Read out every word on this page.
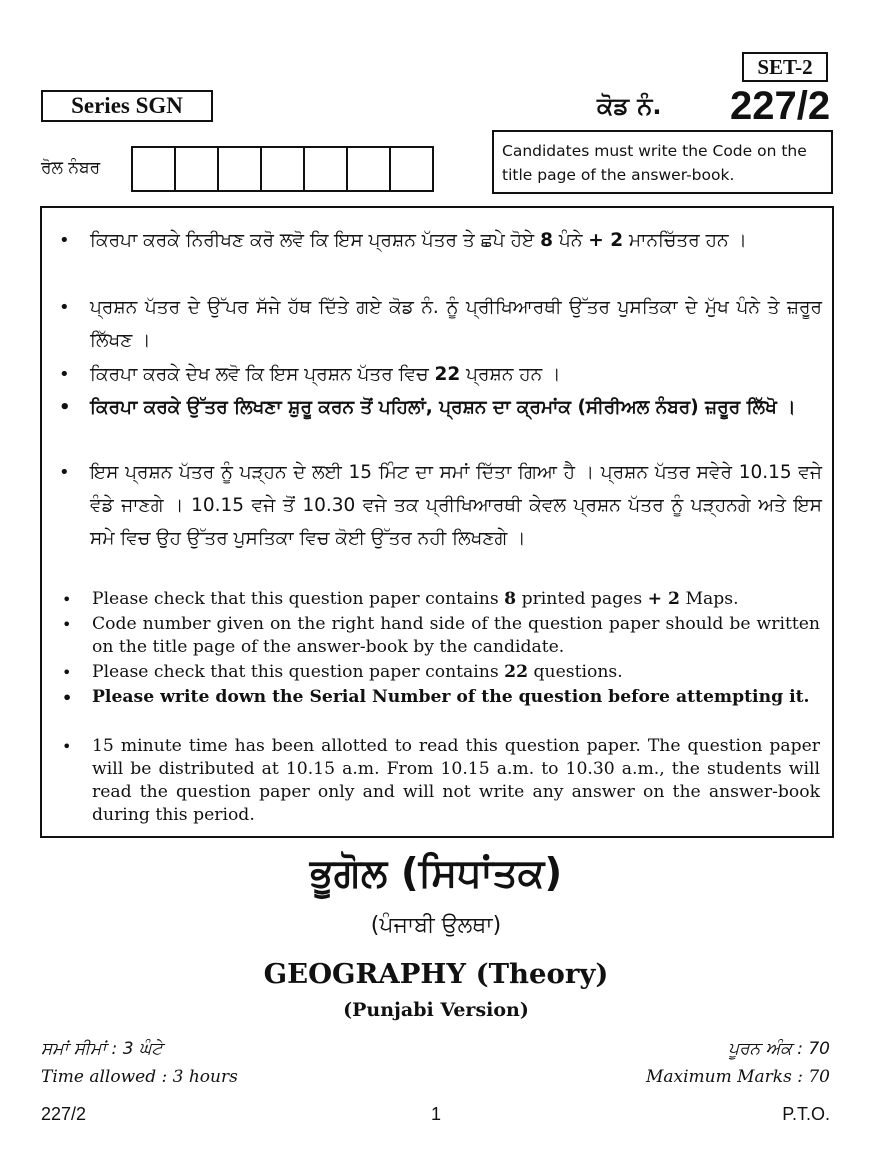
SET-2
Series SGN	ਕੋਡ ਨੰ. 227/2
ਰੋਲ ਨੰਬਰ
Candidates must write the Code on the title page of the answer-book.
• ਕਿਰਪਾ ਕਰਕੇ ਨਿਰੀਖਣ ਕਰੋ ਲਵੋ ਕਿ ਇਸ ਪ੍ਰਸ਼ਨ ਪੱਤਰ ਤੇ ਛਪੇ ਹੋਏ 8 ਪੰਨੇ + 2 ਮਾਨਚਿੱਤਰ ਹਨ ।
• ਪ੍ਰਸ਼ਨ ਪੱਤਰ ਦੇ ਉੱਪਰ ਸੱਜੇ ਹੱਥ ਦਿੱਤੇ ਗਏ ਕੋਡ ਨੰ. ਨੂੰ ਪ੍ਰੀਖਿਆਰਥੀ ਉੱਤਰ ਪੁਸਤਿਕਾ ਦੇ ਮੁੱਖ ਪੰਨੇ ਤੇ ਜ਼ਰੂਰ ਲਿੱਖਣ ।
• ਕਿਰਪਾ ਕਰਕੇ ਦੇਖ ਲਵੋ ਕਿ ਇਸ ਪ੍ਰਸ਼ਨ ਪੱਤਰ ਵਿਚ 22 ਪ੍ਰਸ਼ਨ ਹਨ ।
• ਕਿਰਪਾ ਕਰਕੇ ਉੱਤਰ ਲਿਖਣਾ ਸ਼ੁਰੂ ਕਰਨ ਤੋਂ ਪਹਿਲਾਂ, ਪ੍ਰਸ਼ਨ ਦਾ ਕ੍ਰਮਾਂਕ (ਸੀਰੀਅਲ ਨੰਬਰ) ਜ਼ਰੂਰ ਲਿੱਖੋ ।
• ਇਸ ਪ੍ਰਸ਼ਨ ਪੱਤਰ ਨੂੰ ਪੜ੍ਹਨ ਦੇ ਲਈ 15 ਮਿੰਟ ਦਾ ਸਮਾਂ ਦਿੱਤਾ ਗਿਆ ਹੈ । ਪ੍ਰਸ਼ਨ ਪੱਤਰ ਸਵੇਰੇ 10.15 ਵਜੇ ਵੰਡੇ ਜਾਣਗੇ । 10.15 ਵਜੇ ਤੋਂ 10.30 ਵਜੇ ਤਕ ਪ੍ਰੀਖਿਆਰਥੀ ਕੇਵਲ ਪ੍ਰਸ਼ਨ ਪੱਤਰ ਨੂੰ ਪੜ੍ਹਨਗੇ ਅਤੇ ਇਸ ਸਮੇ ਵਿਚ ਉਹ ਉੱਤਰ ਪੁਸਤਿਕਾ ਵਿਚ ਕੋਈ ਉੱਤਰ ਨਹੀ ਲਿਖਣਗੇ ।
• Please check that this question paper contains 8 printed pages + 2 Maps.
• Code number given on the right hand side of the question paper should be written on the title page of the answer-book by the candidate.
• Please check that this question paper contains 22 questions.
• Please write down the Serial Number of the question before attempting it.
• 15 minute time has been allotted to read this question paper. The question paper will be distributed at 10.15 a.m. From 10.15 a.m. to 10.30 a.m., the students will read the question paper only and will not write any answer on the answer-book during this period.
ਭੂਗੋਲ (ਸਿਧਾਂਤਕ)
(ਪੰਜਾਬੀ ਉਲਥਾ)
GEOGRAPHY (Theory)
(Punjabi Version)
ਸਮਾਂ ਸੀਮਾਂ : 3 ਘੰਟੇ	ਪੂਰਨ ਅੰਕ : 70
Time allowed : 3 hours	Maximum Marks : 70
227/2	1	P.T.O.
